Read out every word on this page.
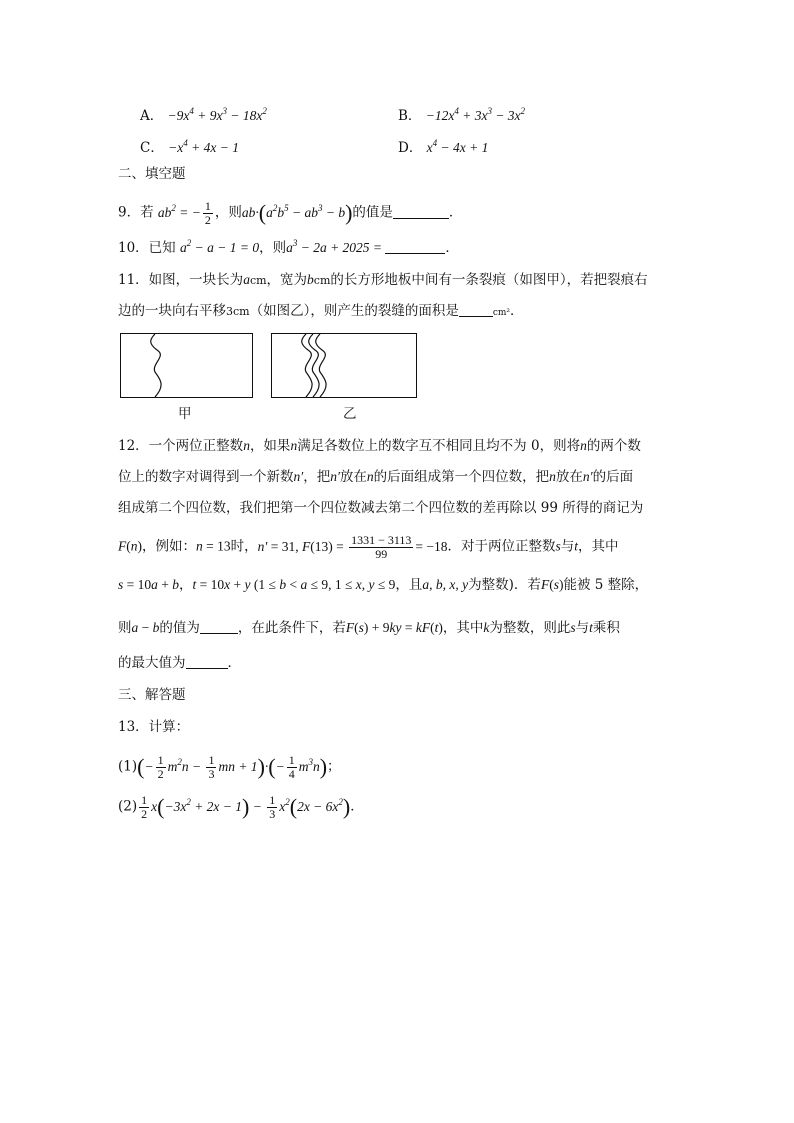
A． $-9x^4 + 9x^3 - 18x^2$	B． $-12x^4 + 3x^3 - 3x^2$
C． $-x^4 + 4x - 1$	D． $x^4 - 4x + 1$
二、填空题
9．若 $ab^2$ = − $\frac{1}{2}$ ，则$ab\cdot(a^2b^5 - ab^3 - b)$的值是	．
10．已知 $a^2 - a - 1 = 0$，则$a^3 - 2a + 2025$ =	．
11．如图，一块长为acm，宽为bcm的长方形地板中间有一条裂痕（如图甲），若把裂痕右
边的一块向右平移3cm（如图乙），则产生的裂缝的面积是	cm²．
甲	乙
12．一个两位正整数n，如果n满足各数位上的数字互不相同且均不为 0，则将n的两个数
位上的数字对调得到一个新数n′，把n′放在n的后面组成第一个四位数，把n放在n′的后面
组成第二个四位数，我们把第一个四位数减去第二个四位数的差再除以 99 所得的商记为
F(n)，例如：n = 13时，n′ = 31, $F(13) = \frac{1331 - 3113}{99} = -18$．对于两位正整数s与t，其中
s = 10a + b，t = 10x + y (1 ≤ b < a ≤ 9, 1 ≤ x, y ≤ 9，且a, b, x, y为整数)．若F(s)能被 5 整除，
则a − b的值为	，在此条件下，若F(s) + 9ky = kF(t)，其中k为整数，则此s与t乘积
的最大值为	．
三、解答题
13．计算：
$(1)(- \frac{1}{2} m^2n - \frac{1}{3}$ mn + $1)\cdot(- \frac{1}{4} m^3n)$；
$(2) \frac{1}{2} x(-3x^2 + 2x - 1) - \frac{1}{3} x^2(2x - 6x^2)$．
